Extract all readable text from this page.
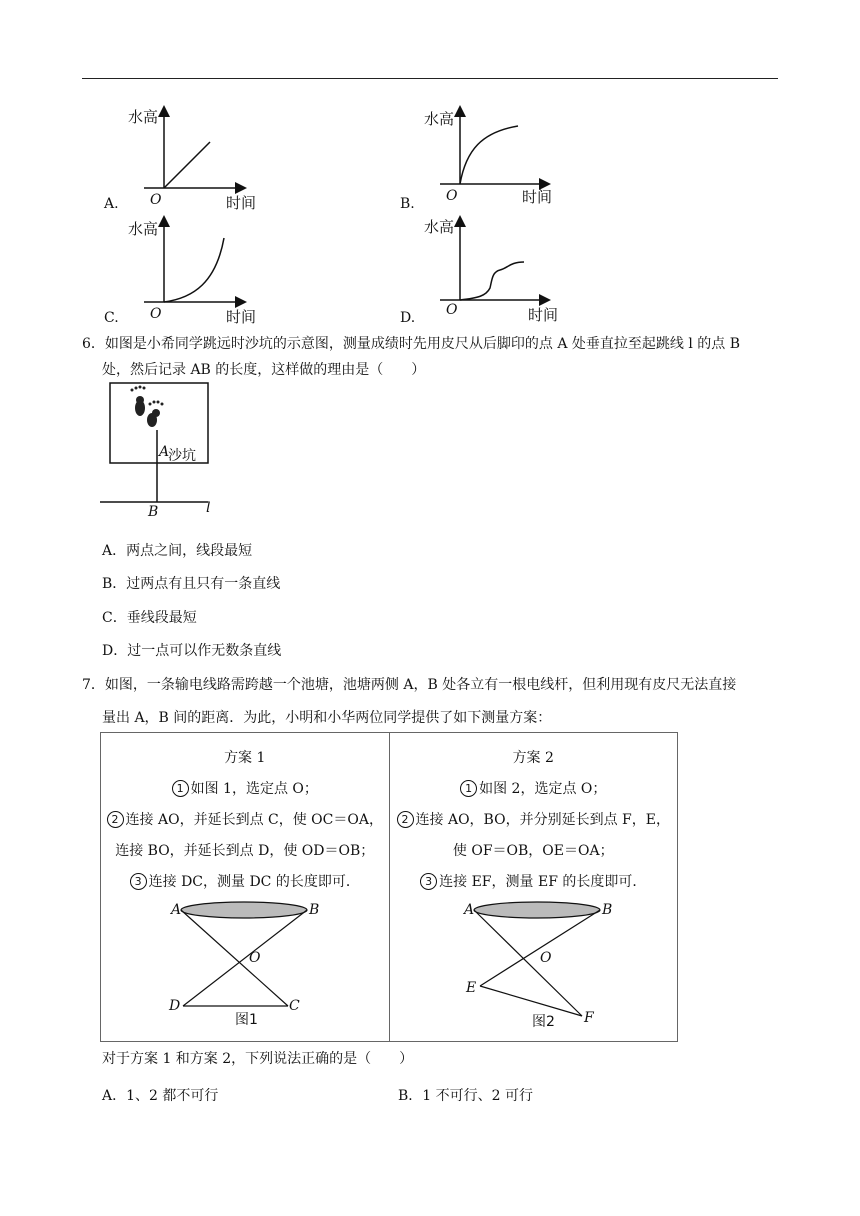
A.
水高
O	时间	B.
水高
O	时间
C.
水高
O	时间	D.
水高
O	时间
6．如图是小希同学跳远时沙坑的示意图，测量成绩时先用皮尺从后脚印的点 A 处垂直拉至起跳线 l 的点 B
处，然后记录 AB 的长度，这样做的理由是（　　）
A
沙坑
B	l
A．两点之间，线段最短
B．过两点有且只有一条直线
C．垂线段最短
D．过一点可以作无数条直线
7．如图，一条输电线路需跨越一个池塘，池塘两侧 A，B 处各立有一根电线杆，但利用现有皮尺无法直接
量出 A，B 间的距离．为此，小明和小华两位同学提供了如下测量方案：
方案 1
1 如图 1，选定点 O；
2 连接 AO，并延长到点 C，使 OC＝OA，
连接 BO，并延长到点 D，使 OD＝OB；
3 连接 DC，测量 DC 的长度即可．
A	B
O
D	C
图1

方案 2
1 如图 2，选定点 O；
2 连接 AO，BO，并分别延长到点 F，E，
使 OF＝OB，OE＝OA；
3 连接 EF，测量 EF 的长度即可．
A	B
O
E
F
图2
对于方案 1 和方案 2，下列说法正确的是（　　）
A．1、2 都不可行	B．1 不可行、2 可行
